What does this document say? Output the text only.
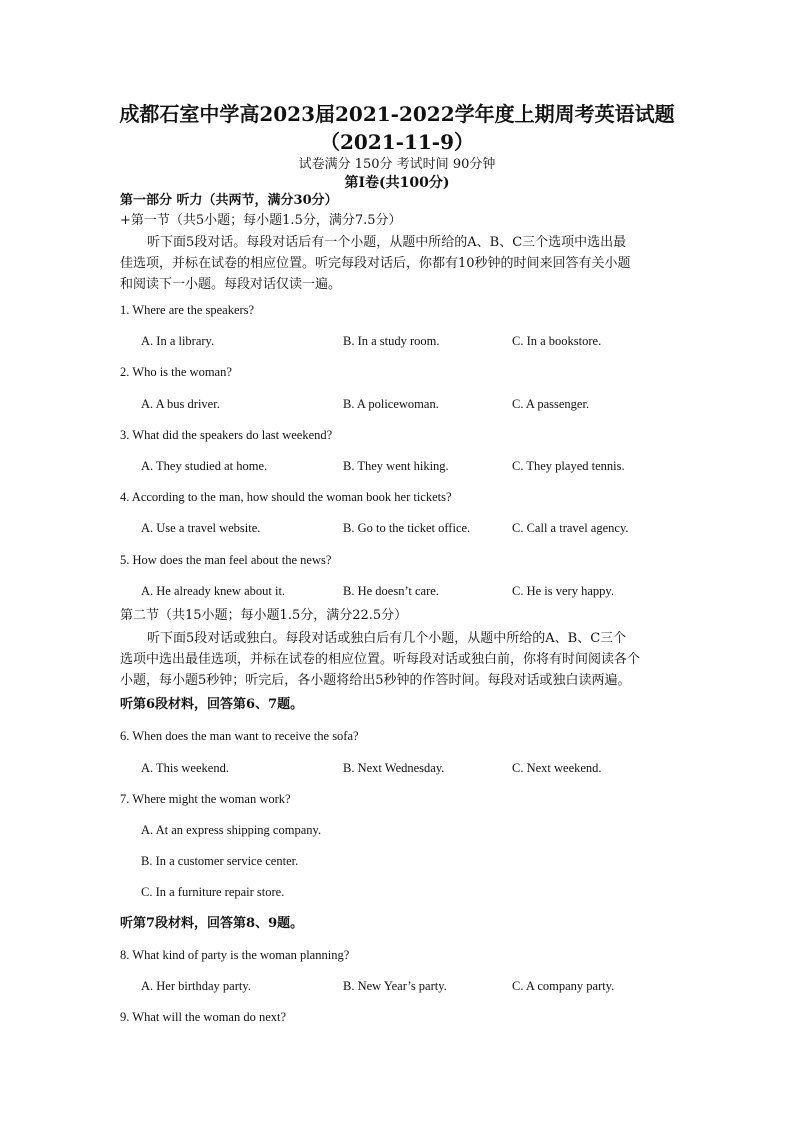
成都石室中学高2023届2021-2022学年度上期周考英语试题
（2021-11-9）
试卷满分 150分 考试时间 90分钟
第I卷(共100分)
第一部分 听力（共两节，满分30分）
+第一节（共5小题；每小题1.5分，满分7.5分）

听下面5段对话。每段对话后有一个小题，从题中所给的A、B、C三个选项中选出最

佳选项，并标在试卷的相应位置。听完每段对话后，你都有10秒钟的时间来回答有关小题

和阅读下一小题。每段对话仅读一遍。

1. Where are the speakers?
A. In a library.	B. In a study room.	C. In a bookstore.
2. Who is the woman?
A. A bus driver.	B. A policewoman.	C. A passenger.
3. What did the speakers do last weekend?
A. They studied at home.	B. They went hiking.	C. They played tennis.
4. According to the man, how should the woman book her tickets?
A. Use a travel website.	B. Go to the ticket office.	C. Call a travel agency.
5. How does the man feel about the news?
A. He already knew about it.	B. He doesn’t care.	C. He is very happy.
第二节（共15小题；每小题1.5分，满分22.5分）

听下面5段对话或独白。每段对话或独白后有几个小题，从题中所给的A、B、C三个

选项中选出最佳选项，并标在试卷的相应位置。听每段对话或独白前，你将有时间阅读各个

小题，每小题5秒钟；听完后，各小题将给出5秒钟的作答时间。每段对话或独白读两遍。

听第6段材料，回答第6、7题。
6. When does the man want to receive the sofa?
A. This weekend.	B. Next Wednesday.	C. Next weekend.
7. Where might the woman work?
A. At an express shipping company.
B. In a customer service center.
C. In a furniture repair store.
听第7段材料，回答第8、9题。
8. What kind of party is the woman planning?
A. Her birthday party.	B. New Year’s party.	C. A company party.
9. What will the woman do next?
